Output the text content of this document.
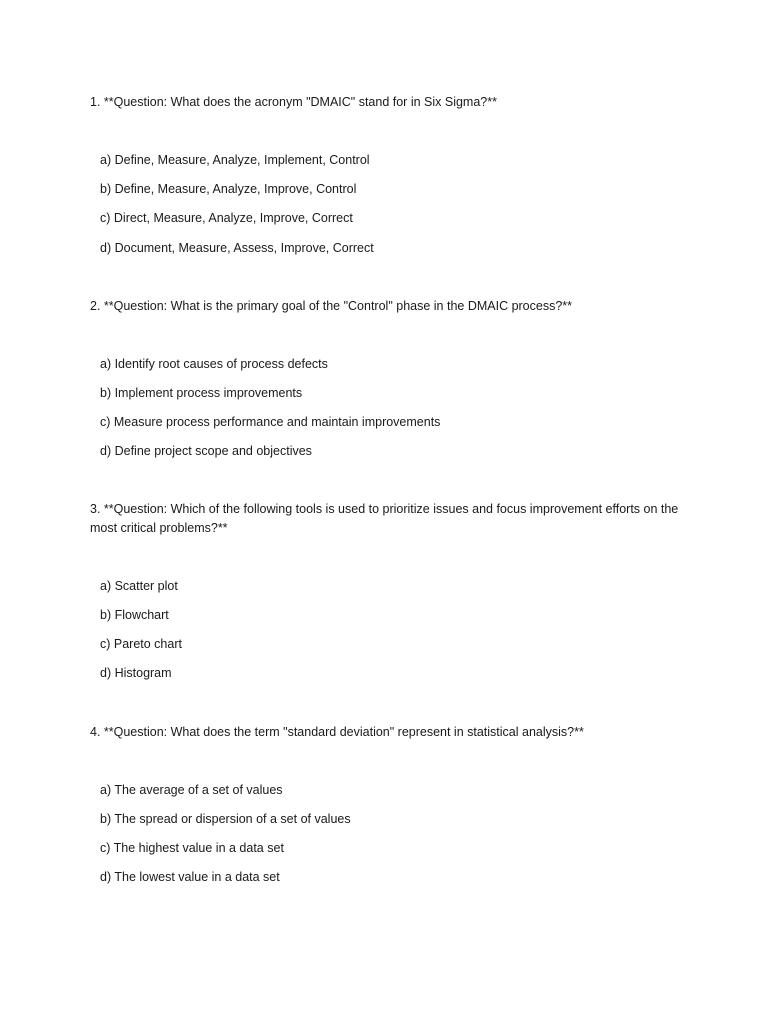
1. **Question: What does the acronym "DMAIC" stand for in Six Sigma?**

a) Define, Measure, Analyze, Implement, Control

b) Define, Measure, Analyze, Improve, Control

c) Direct, Measure, Analyze, Improve, Correct

d) Document, Measure, Assess, Improve, Correct

2. **Question: What is the primary goal of the "Control" phase in the DMAIC process?**

a) Identify root causes of process defects

b) Implement process improvements

c) Measure process performance and maintain improvements

d) Define project scope and objectives

3. **Question: Which of the following tools is used to prioritize issues and focus improvement efforts on the most critical problems?**

a) Scatter plot

b) Flowchart

c) Pareto chart

d) Histogram

4. **Question: What does the term "standard deviation" represent in statistical analysis?**

a) The average of a set of values

b) The spread or dispersion of a set of values

c) The highest value in a data set

d) The lowest value in a data set
